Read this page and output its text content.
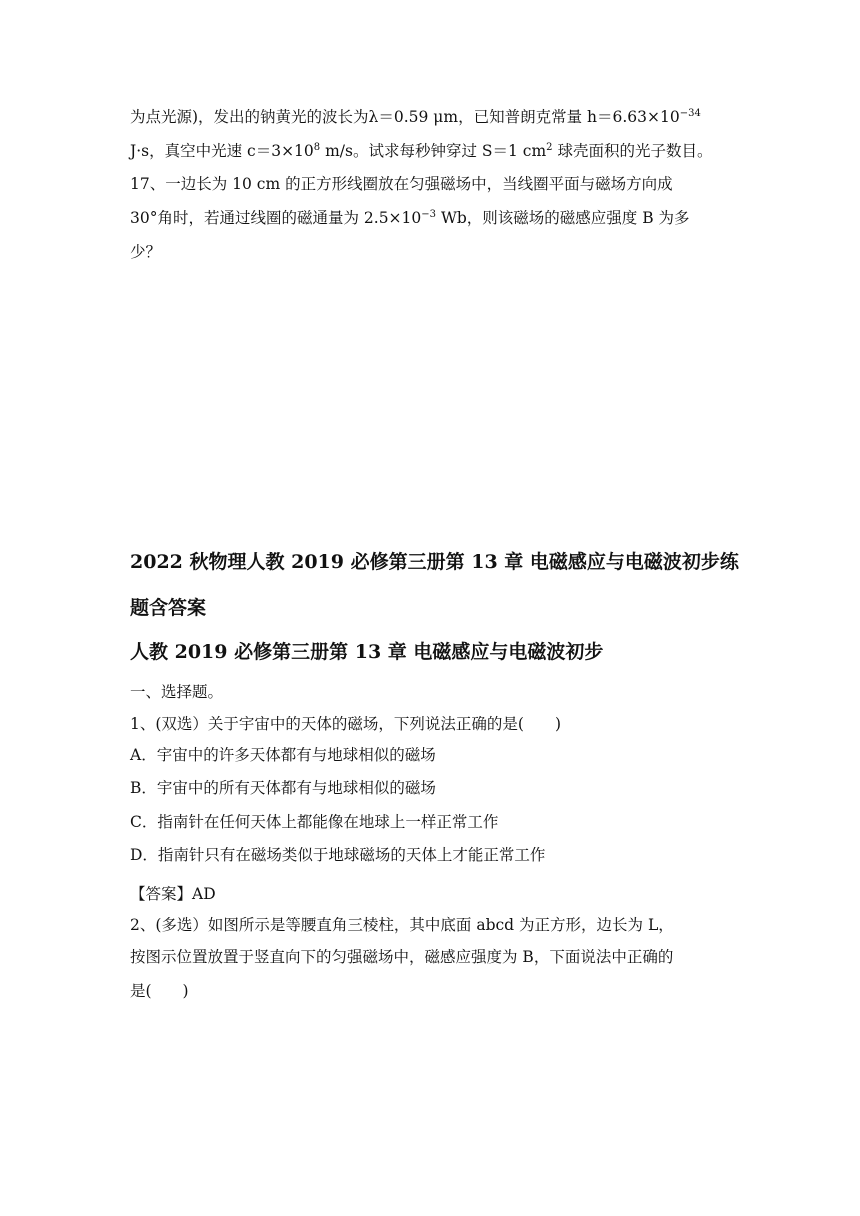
为点光源)，发出的钠黄光的波长为λ＝0.59 μm，已知普朗克常量 $h=6.63\times 10^{-34}$
J·s，真空中光速 $c=3\times 10^8$ m/s。试求每秒钟穿过 S＝1 $cm^2$ 球壳面积的光子数目。
17、一边长为 10 cm 的正方形线圈放在匀强磁场中，当线圈平面与磁场方向成
30°角时，若通过线圈的磁通量为 $2.5\times 10^{-3}$ Wb，则该磁场的磁感应强度 B 为多
少？
2022 秋物理人教 2019 必修第三册第 13 章 电磁感应与电磁波初步练
题含答案
人教 2019 必修第三册第 13 章 电磁感应与电磁波初步
一、选择题。
1、(双选）关于宇宙中的天体的磁场，下列说法正确的是(　　)
A．宇宙中的许多天体都有与地球相似的磁场
B．宇宙中的所有天体都有与地球相似的磁场
C．指南针在任何天体上都能像在地球上一样正常工作
D．指南针只有在磁场类似于地球磁场的天体上才能正常工作
【答案】AD
2、(多选）如图所示是等腰直角三棱柱，其中底面 abcd 为正方形，边长为 L，
按图示位置放置于竖直向下的匀强磁场中，磁感应强度为 B，下面说法中正确的
是(　　)
